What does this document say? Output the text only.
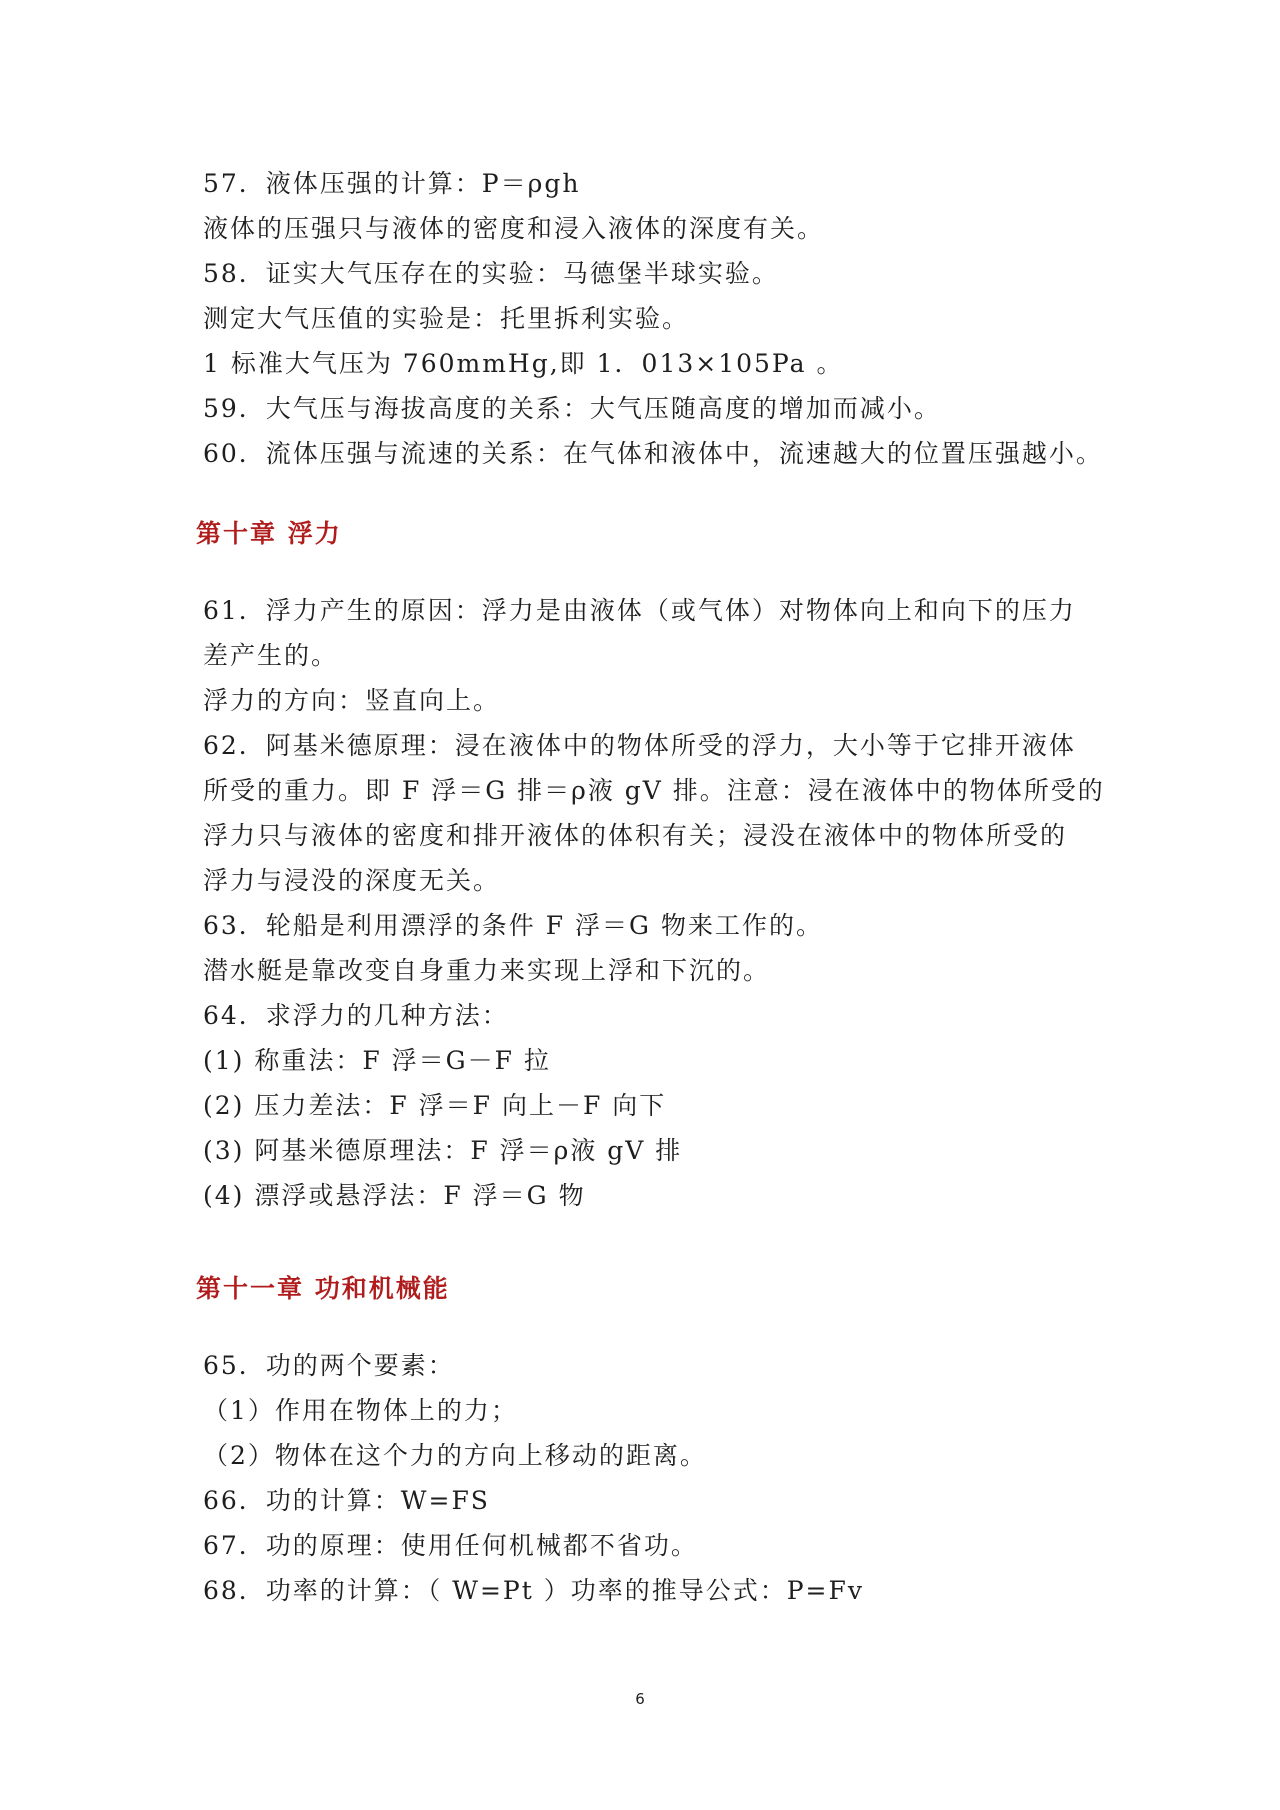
57．液体压强的计算：P＝ρgh
液体的压强只与液体的密度和浸入液体的深度有关。
58．证实大气压存在的实验：马德堡半球实验。
测定大气压值的实验是：托里拆利实验。
1 标准大气压为 760mmHg,即 1．013×105Pa 。
59．大气压与海拔高度的关系：大气压随高度的增加而减小。
60．流体压强与流速的关系：在气体和液体中，流速越大的位置压强越小。
第十章 浮力
61．浮力产生的原因：浮力是由液体（或气体）对物体向上和向下的压力
差产生的。
浮力的方向：竖直向上。
62．阿基米德原理：浸在液体中的物体所受的浮力，大小等于它排开液体
所受的重力。即 F 浮＝G 排＝ρ液 gV 排。注意：浸在液体中的物体所受的
浮力只与液体的密度和排开液体的体积有关；浸没在液体中的物体所受的
浮力与浸没的深度无关。
63．轮船是利用漂浮的条件 F 浮＝G 物来工作的。
潜水艇是靠改变自身重力来实现上浮和下沉的。
64．求浮力的几种方法：
(1) 称重法：F 浮＝G－F 拉
(2) 压力差法：F 浮＝F 向上－F 向下
(3) 阿基米德原理法：F 浮＝ρ液 gV 排
(4) 漂浮或悬浮法：F 浮＝G 物
第十一章 功和机械能
65．功的两个要素：
（1）作用在物体上的力；
（2）物体在这个力的方向上移动的距离。
66．功的计算：W=FS
67．功的原理：使用任何机械都不省功。
68．功率的计算：（ W=Pt ）功率的推导公式：P=Fv
6
